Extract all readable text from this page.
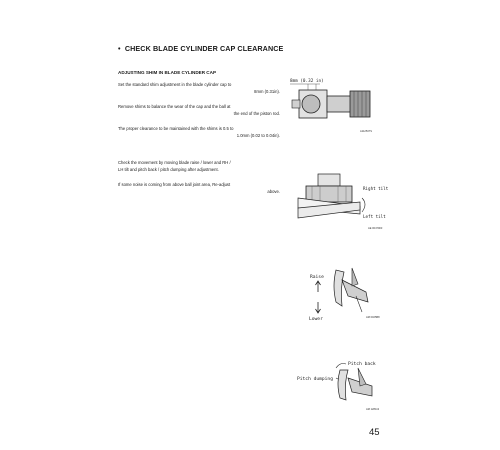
• CHECK BLADE CYLINDER CAP CLEARANCE
ADJUSTING SHIM IN BLADE CYLINDER CAP
Set the standard shim adjustment in the blade cylinder cap to
8mm (0.31in).
Remove shims to balance the wear of the cap and the ball at
the end of the piston rod.
The proper clearance to be maintained with the shims is 0.5 to
1.0mm (0.02 to 0.04in).
Check the movement by moving blade raise / lower and RH /
LH tilt and pitch back / pitch dumping after adjustment.
If some noise is coming from above ball joint area, Re-adjust
above.
8mm (0.32 in)
A112537S
Right tilt
Left tilt
AE 0047903
Raise
Lower	AM 0025B8
Pitch back
Pitch dumping
AM 128113
45
